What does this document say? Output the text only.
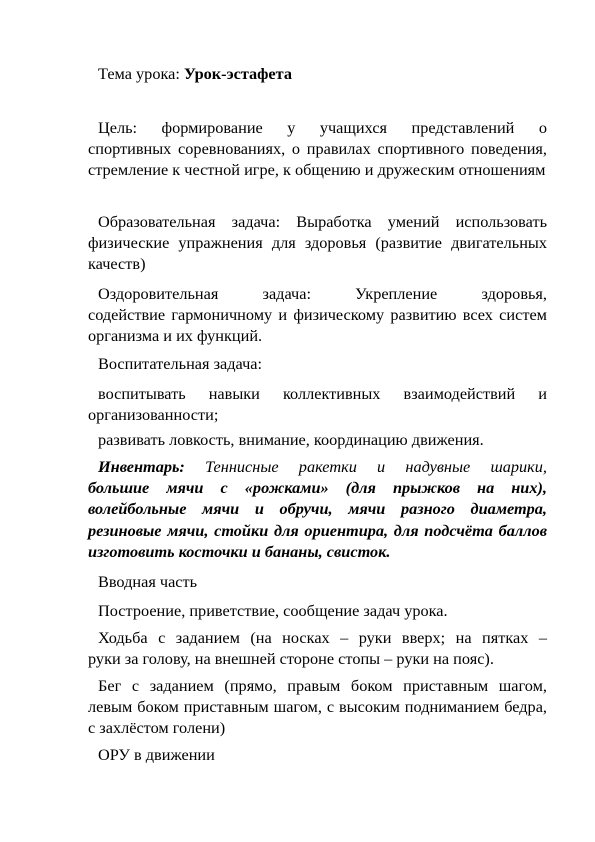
Тема урока: Урок-эстафета

Цель: формирование у учащихся представлений о
спортивных соревнованиях, о правилах спортивного поведения, стремление к честной игре, к общению и дружеским отношениям
Образовательная задача: Выработка умений использовать
физические упражнения для здоровья (развитие двигательных качеств)
Оздоровительная задача: Укрепление здоровья,
содействие гармоничному и физическому развитию всех систем организма и их функций.
Воспитательная задача:
воспитывать навыки коллективных взаимодействий и
организованности;
развивать ловкость, внимание, координацию движения.
Инвентарь: Теннисные ракетки и надувные шарики,
большие мячи с «рожками» (для прыжков на них), волейбольные мячи и обручи, мячи разного диаметра, резиновые мячи, стойки для ориентира, для подсчёта баллов изготовить косточки и бананы, свисток.
Вводная часть
Построение, приветствие, сообщение задач урока.
Ходьба с заданием (на носках – руки вверх; на пятках –
руки за голову, на внешней стороне стопы – руки на пояс).
Бег с заданием (прямо, правым боком приставным шагом,
левым боком приставным шагом, с высоким подниманием бедра, с захлёстом голени)
ОРУ в движении
